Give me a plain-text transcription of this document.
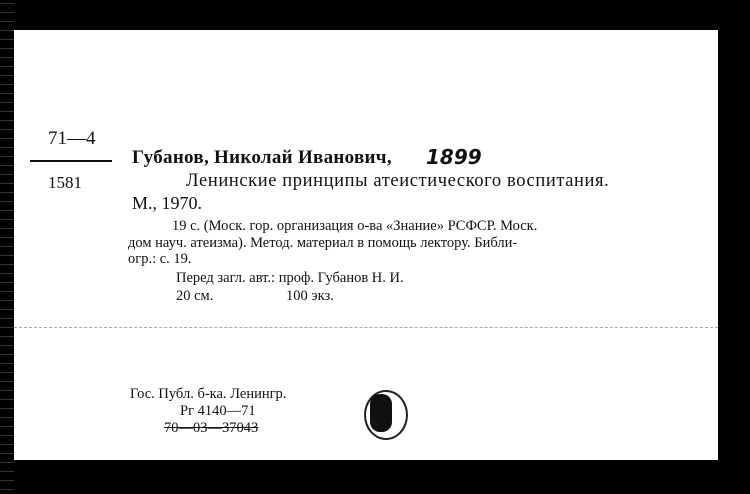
71—4
1581
Губанов, Николай Иванович, 1899
Ленинские принципы атеистического воспитания.
М., 1970.
19 с. (Моск. гор. организация о-ва «Знание» РСФСР. Моск.
дом науч. атеизма). Метод. материал в помощь лектору. Библи-
огр.: с. 19.
Перед загл. авт.: проф. Губанов Н. И.
20 см.	100 экз.
Гос. Публ. б-ка. Ленингр.
Рг 4140—71
70—03—37043
